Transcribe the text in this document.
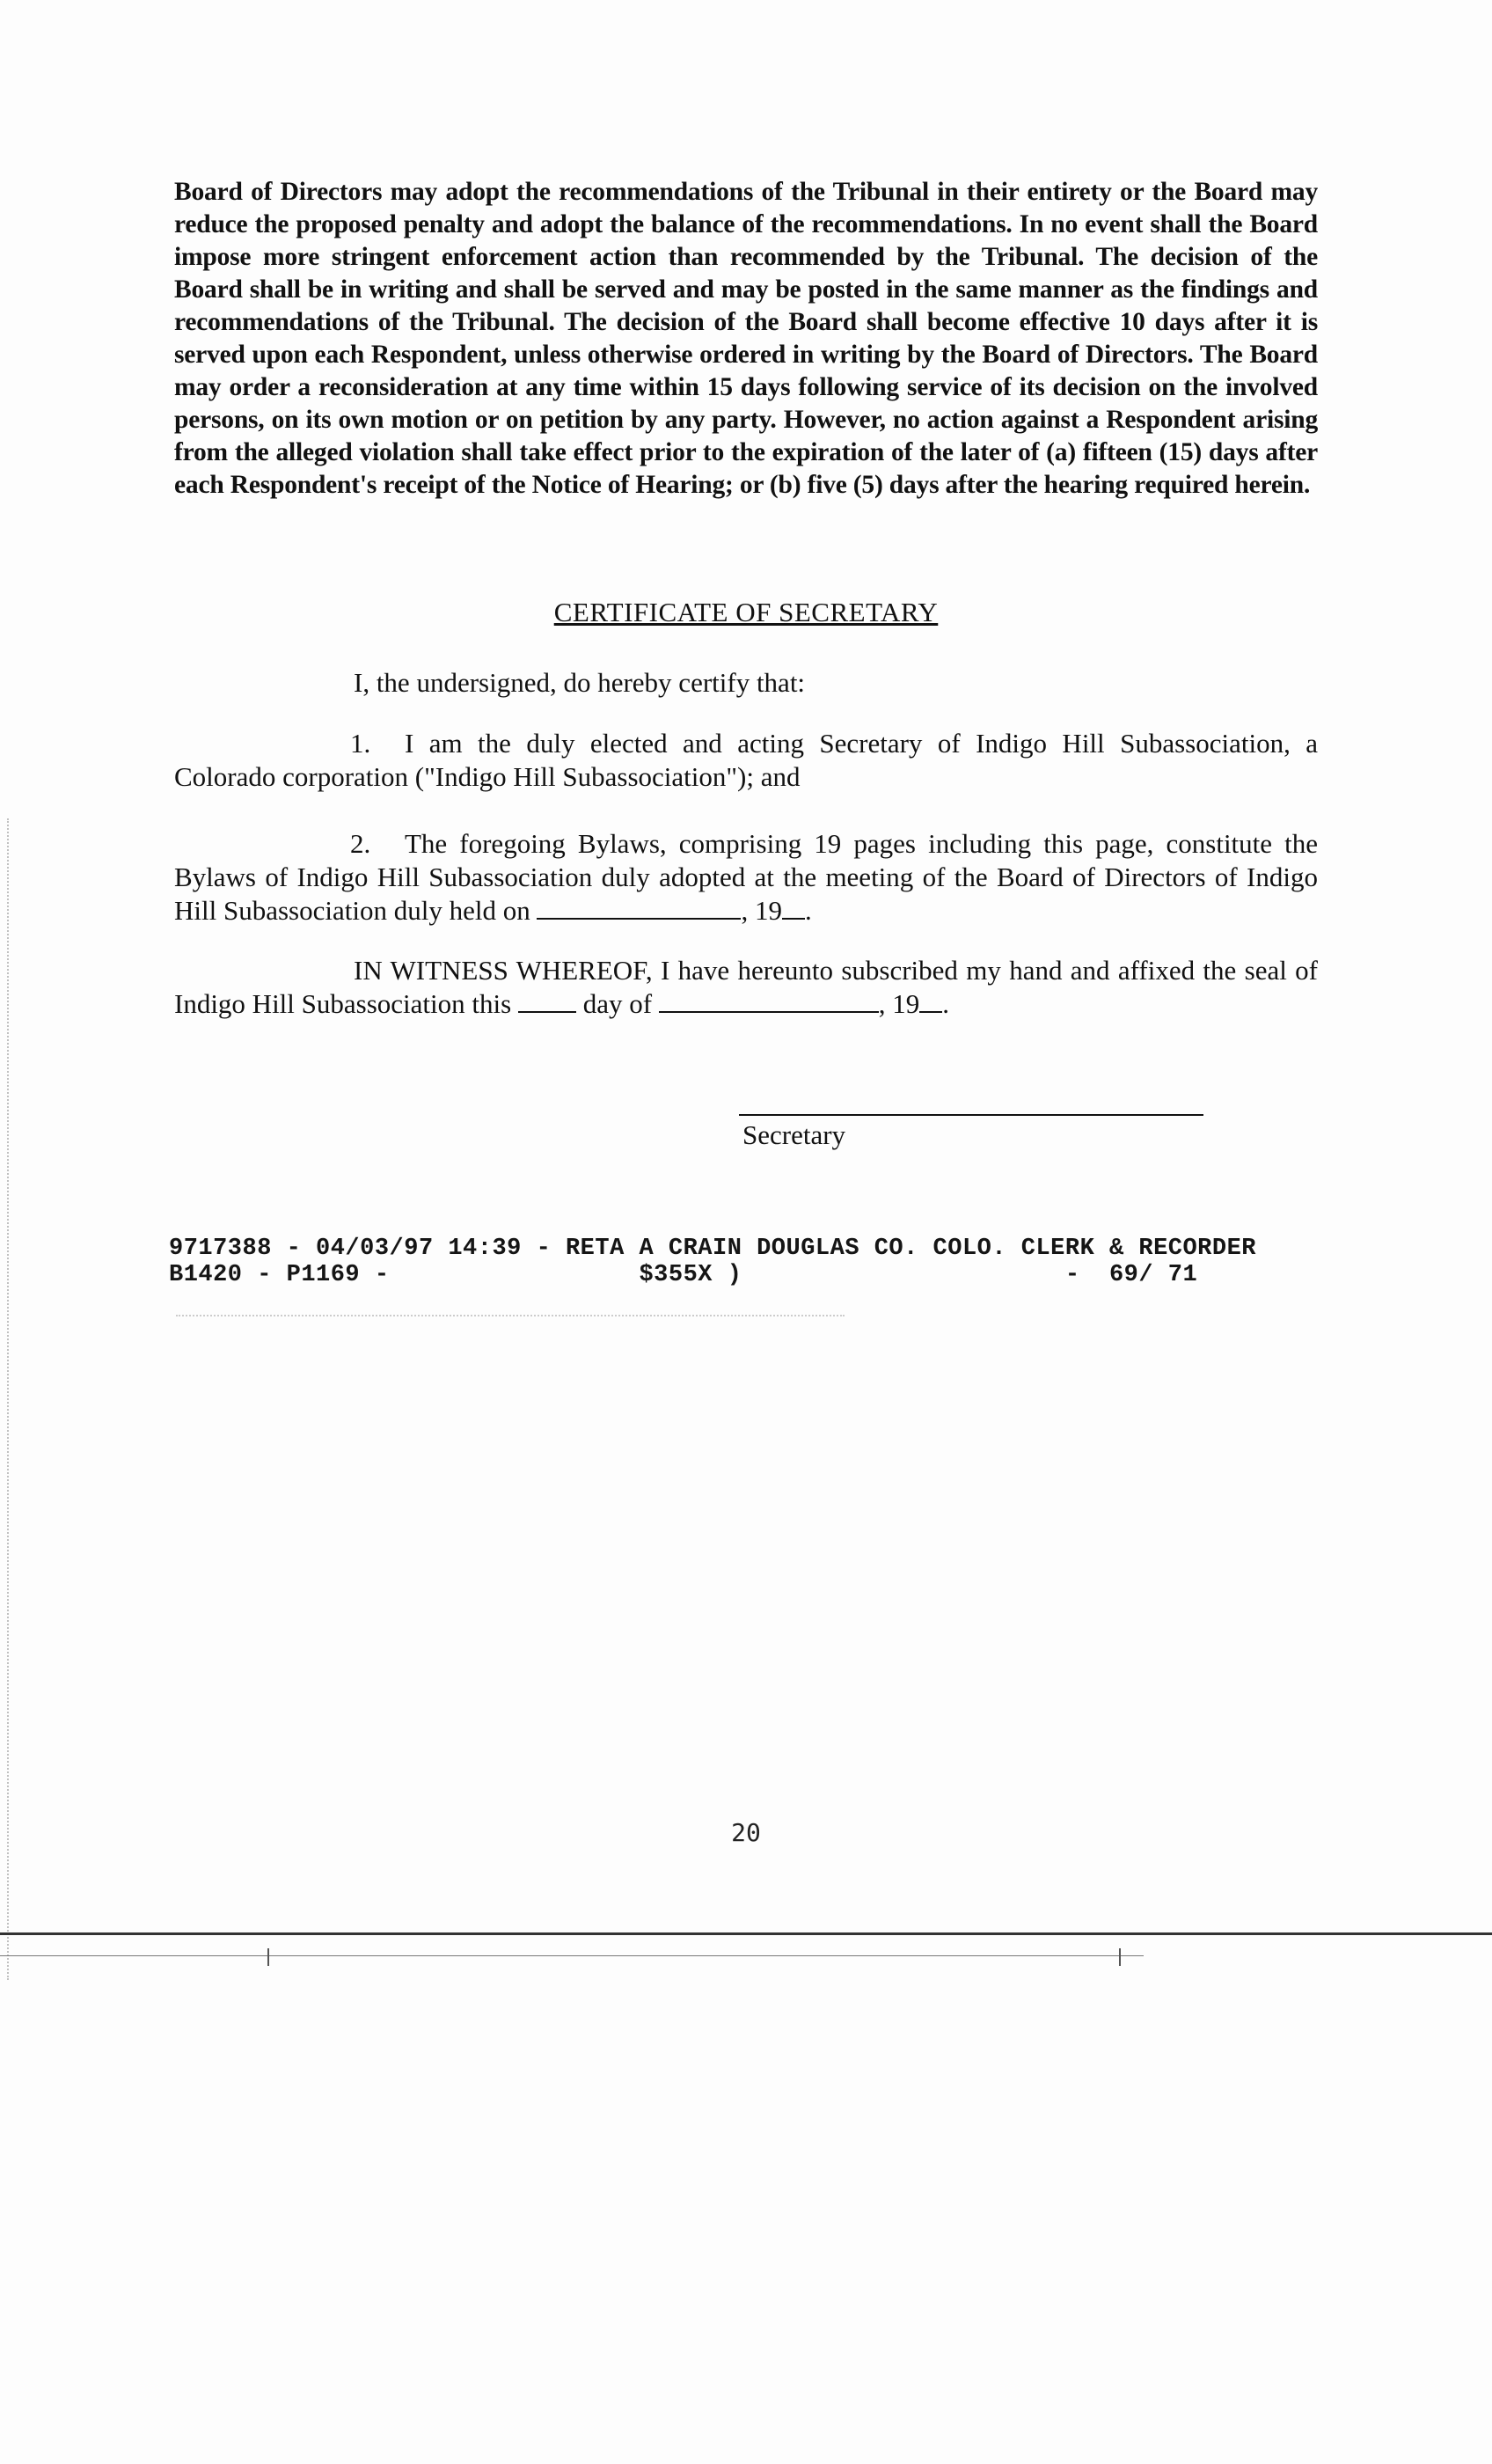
Board of Directors may adopt the recommendations of the Tribunal in their entirety or the Board may reduce the proposed penalty and adopt the balance of the recommendations. In no event shall the Board impose more stringent enforcement action than recommended by the Tribunal. The decision of the Board shall be in writing and shall be served and may be posted in the same manner as the findings and recommendations of the Tribunal. The decision of the Board shall become effective 10 days after it is served upon each Respondent, unless otherwise ordered in writing by the Board of Directors. The Board may order a reconsideration at any time within 15 days following service of its decision on the involved persons, on its own motion or on petition by any party. However, no action against a Respondent arising from the alleged violation shall take effect prior to the expiration of the later of (a) fifteen (15) days after each Respondent's receipt of the Notice of Hearing; or (b) five (5) days after the hearing required herein.
CERTIFICATE OF SECRETARY
I, the undersigned, do hereby certify that:
1. I am the duly elected and acting Secretary of Indigo Hill Subassociation, a Colorado corporation ("Indigo Hill Subassociation"); and
2. The foregoing Bylaws, comprising 19 pages including this page, constitute the Bylaws of Indigo Hill Subassociation duly adopted at the meeting of the Board of Directors of Indigo Hill Subassociation duly held on	, 19 .
IN WITNESS WHEREOF, I have hereunto subscribed my hand and affixed the seal of Indigo Hill Subassociation this	day of	, 19 .
Secretary
9717388 - 04/03/97 14:39 - RETA A CRAIN DOUGLAS CO. COLO. CLERK & RECORDER
B1420 - P1169 -                 $355X )                      -  69/ 71
20
